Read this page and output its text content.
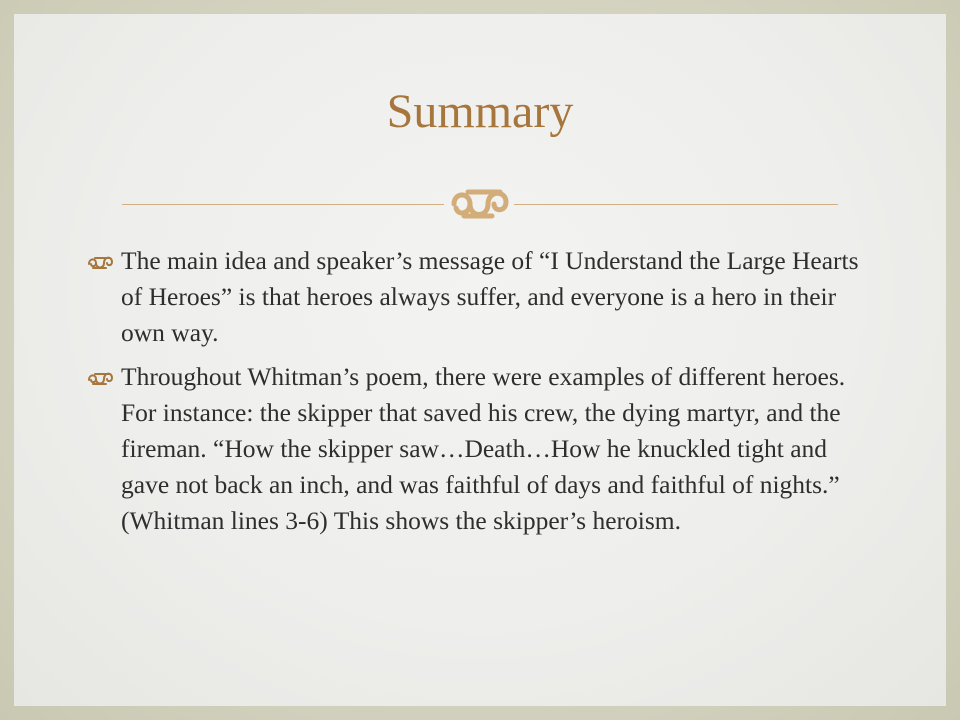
Summary
The main idea and speaker’s message of “I Understand the Large Hearts of Heroes” is that heroes always suffer, and everyone is a hero in their own way.
Throughout Whitman’s poem, there were examples of different heroes. For instance: the skipper that saved his crew, the dying martyr, and the fireman. “How the skipper saw…Death…How he knuckled tight and gave not back an inch, and was faithful of days and faithful of nights.” (Whitman lines 3-6) This shows the skipper’s heroism.
